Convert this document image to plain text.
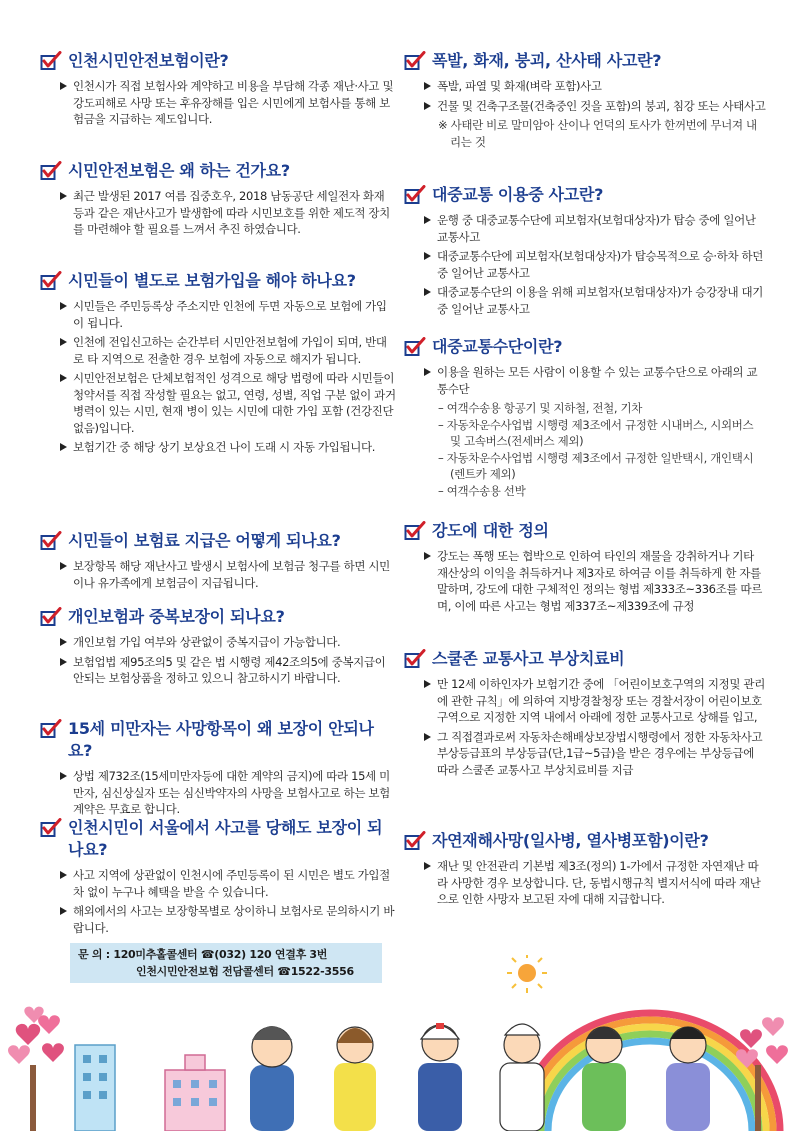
인천시민안전보험이란?
인천시가 직접 보험사와 계약하고 비용을 부담해 각종 재난·사고 및 강도피해로 사망 또는 후유장해를 입은 시민에게 보험사를 통해 보험금을 지급하는 제도입니다.
시민안전보험은 왜 하는 건가요?
최근 발생된 2017 여름 집중호우, 2018 남동공단 세일전자 화재 등과 같은 재난사고가 발생함에 따라 시민보호를 위한 제도적 장치를 마련해야 할 필요를 느껴서 추진 하였습니다.
시민들이 별도로 보험가입을 해야 하나요?
시민들은 주민등록상 주소지만 인천에 두면 자동으로 보험에 가입이 됩니다.
인천에 전입신고하는 순간부터 시민안전보험에 가입이 되며, 반대로 타 지역으로 전출한 경우 보험에 자동으로 해지가 됩니다.
시민안전보험은 단체보험적인 성격으로 해당 법령에 따라 시민들이 청약서를 직접 작성할 필요는 없고, 연령, 성별, 직업 구분 없이 과거병력이 있는 시민, 현재 병이 있는 시민에 대한 가입 포함 (건강진단 없음)입니다.
보험기간 중 해당 상기 보상요건 나이 도래 시 자동 가입됩니다.
시민들이 보험료 지급은 어떻게 되나요?
보장항목 해당 재난사고 발생시 보험사에 보험금 청구를 하면 시민이나 유가족에게 보험금이 지급됩니다.
개인보험과 중복보장이 되나요?
개인보험 가입 여부와 상관없이 중복지급이 가능합니다.
보험업법 제95조의5 및 같은 법 시행령 제42조의5에 중복지급이 안되는 보험상품을 정하고 있으니 참고하시기 바랍니다.
15세 미만자는 사망항목이 왜 보장이 안되나요?
상법 제732조(15세미만자등에 대한 계약의 금지)에 따라 15세 미만자, 심신상실자 또는 심신박약자의 사망을 보험사고로 하는 보험계약은 무효로 합니다.
인천시민이 서울에서 사고를 당해도 보장이 되나요?
사고 지역에 상관없이 인천시에 주민등록이 된 시민은 별도 가입절차 없이 누구나 혜택을 받을 수 있습니다.
해외에서의 사고는 보장항목별로 상이하니 보험사로 문의하시기 바랍니다.
문 의 : 120미추홀콜센터 ☎(032) 120 연결후 3번
인천시민안전보험 전담콜센터 ☎1522-3556
폭발, 화재, 붕괴, 산사태 사고란?
폭발, 파열 및 화재(벼락 포함)사고
건물 및 건축구조물(건축중인 것을 포함)의 붕괴, 침강 또는 사태사고
※ 사태란 비로 말미암아 산이나 언덕의 토사가 한꺼번에 무너져 내리는 것
대중교통 이용중 사고란?
운행 중 대중교통수단에 피보험자(보험대상자)가 탑승 중에 일어난 교통사고
대중교통수단에 피보험자(보험대상자)가 탑승목적으로 승·하차 하던 중 일어난 교통사고
대중교통수단의 이용을 위해 피보험자(보험대상자)가 승강장내 대기 중 일어난 교통사고
대중교통수단이란?
이용을 원하는 모든 사람이 이용할 수 있는 교통수단으로 아래의 교통수단
– 여객수송용 항공기 및 지하철, 전철, 기차
– 자동차운수사업법 시행령 제3조에서 규정한 시내버스, 시외버스 및 고속버스(전세버스 제외)
– 자동차운수사업법 시행령 제3조에서 규정한 일반택시, 개인택시(렌트카 제외)
– 여객수송용 선박
강도에 대한 정의
강도는 폭행 또는 협박으로 인하여 타인의 재물을 강취하거나 기타 재산상의 이익을 취득하거나 제3자로 하여금 이를 취득하게 한 자를 말하며, 강도에 대한 구체적인 정의는 형법 제333조~336조를 따르며, 이에 따른 사고는 형법 제337조~제339조에 규정
스쿨존 교통사고 부상치료비
만 12세 이하인자가 보험기간 중에 「어린이보호구역의 지정및 관리에 관한 규칙」에 의하여 지방경찰청장 또는 경찰서장이 어린이보호구역으로 지정한 지역 내에서 아래에 정한 교통사고로 상해를 입고,
그 직접결과로써 자동차손해배상보장법시행령에서 정한 자동차사고 부상등급표의 부상등급(단,1급~5급)을 받은 경우에는 부상등급에 따라 스쿨존 교통사고 부상치료비를 지급
자연재해사망(일사병, 열사병포함)이란?
재난 및 안전관리 기본법 제3조(정의) 1-가에서 규정한 자연재난 따라 사망한 경우 보상합니다. 단, 동법시행규칙 별지서식에 따라 재난으로 인한 사망자 보고된 자에 대해 지급합니다.
